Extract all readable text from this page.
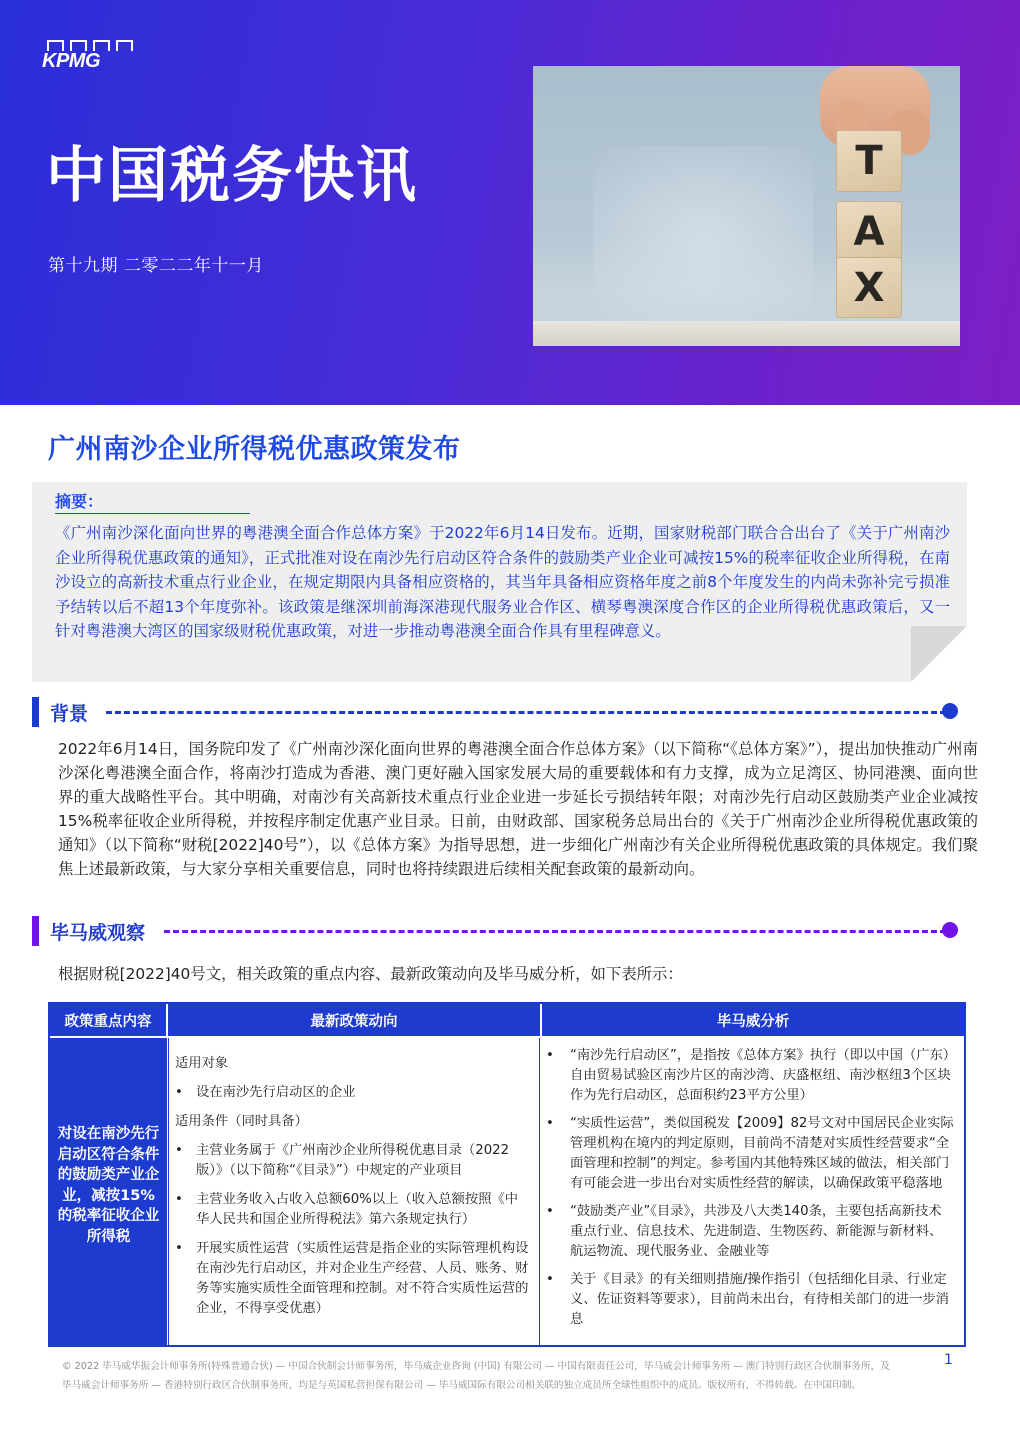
KPMG
中国税务快讯
第十九期 二零二二年十一月
T
A
X
广州南沙企业所得税优惠政策发布
摘要：
《广州南沙深化面向世界的粤港澳全面合作总体方案》于2022年6月14日发布。近期，国家财税部门联合合出台了《关于广州南沙企业所得税优惠政策的通知》，正式批准对设在南沙先行启动区符合条件的鼓励类产业企业可减按15%的税率征收企业所得税，在南沙设立的高新技术重点行业企业，在规定期限内具备相应资格的，其当年具备相应资格年度之前8个年度发生的内尚未弥补完亏损准予结转以后不超13个年度弥补。该政策是继深圳前海深港现代服务业合作区、横琴粤澳深度合作区的企业所得税优惠政策后，又一针对粤港澳大湾区的国家级财税优惠政策，对进一步推动粤港澳全面合作具有里程碑意义。
背景
2022年6月14日，国务院印发了《广州南沙深化面向世界的粤港澳全面合作总体方案》（以下简称“《总体方案》”），提出加快推动广州南沙深化粤港澳全面合作，将南沙打造成为香港、澳门更好融入国家发展大局的重要载体和有力支撑，成为立足湾区、协同港澳、面向世界的重大战略性平台。其中明确，对南沙有关高新技术重点行业企业进一步延长亏损结转年限；对南沙先行启动区鼓励类产业企业减按15%税率征收企业所得税，并按程序制定优惠产业目录。日前，由财政部、国家税务总局出台的《关于广州南沙企业所得税优惠政策的通知》（以下简称“财税[2022]40号”），以《总体方案》为指导思想，进一步细化广州南沙有关企业所得税优惠政策的具体规定。我们聚焦上述最新政策，与大家分享相关重要信息，同时也将持续跟进后续相关配套政策的最新动向。
毕马威观察
根据财税[2022]40号文，相关政策的重点内容、最新政策动向及毕马威分析，如下表所示：
政策重点内容	最新政策动向	毕马威分析
对设在南沙先行启动区符合条件的鼓励类产业企业，减按15%的税率征收企业所得税
适用对象
• 设在南沙先行启动区的企业
适用条件（同时具备）
• 主营业务属于《广州南沙企业所得税优惠目录（2022版）》（以下简称“《目录》”）中规定的产业项目
• 主营业务收入占收入总额60%以上（收入总额按照《中华人民共和国企业所得税法》第六条规定执行）
• 开展实质性运营（实质性运营是指企业的实际管理机构设在南沙先行启动区，并对企业生产经营、人员、账务、财务等实施实质性全面管理和控制。对不符合实质性运营的企业，不得享受优惠）
• “南沙先行启动区”，是指按《总体方案》执行（即以中国（广东）自由贸易试验区南沙片区的南沙湾、庆盛枢纽、南沙枢纽3个区块作为先行启动区，总面积约23平方公里）
• “实质性运营”，类似国税发【2009】82号文对中国居民企业实际管理机构在境内的判定原则，目前尚不清楚对实质性经营要求“全面管理和控制”的判定。参考国内其他特殊区域的做法，相关部门有可能会进一步出台对实质性经营的解读，以确保政策平稳落地
• “鼓励类产业”《目录》，共涉及八大类140条，主要包括高新技术重点行业、信息技术、先进制造、生物医药、新能源与新材料、航运物流、现代服务业、金融业等
• 关于《目录》的有关细则措施/操作指引（包括细化目录、行业定义、佐证资料等要求），目前尚未出台，有待相关部门的进一步消息
© 2022 毕马威华振会计师事务所(特殊普通合伙) — 中国合伙制会计师事务所，毕马威企业咨询 (中国) 有限公司 — 中国有限责任公司，毕马威会计师事务所 — 澳门特别行政区合伙制事务所，及
毕马威会计师事务所 — 香港特别行政区合伙制事务所，均是与英国私营担保有限公司 — 毕马威国际有限公司相关联的独立成员所全球性组织中的成员。版权所有，不得转载。在中国印制。
1
